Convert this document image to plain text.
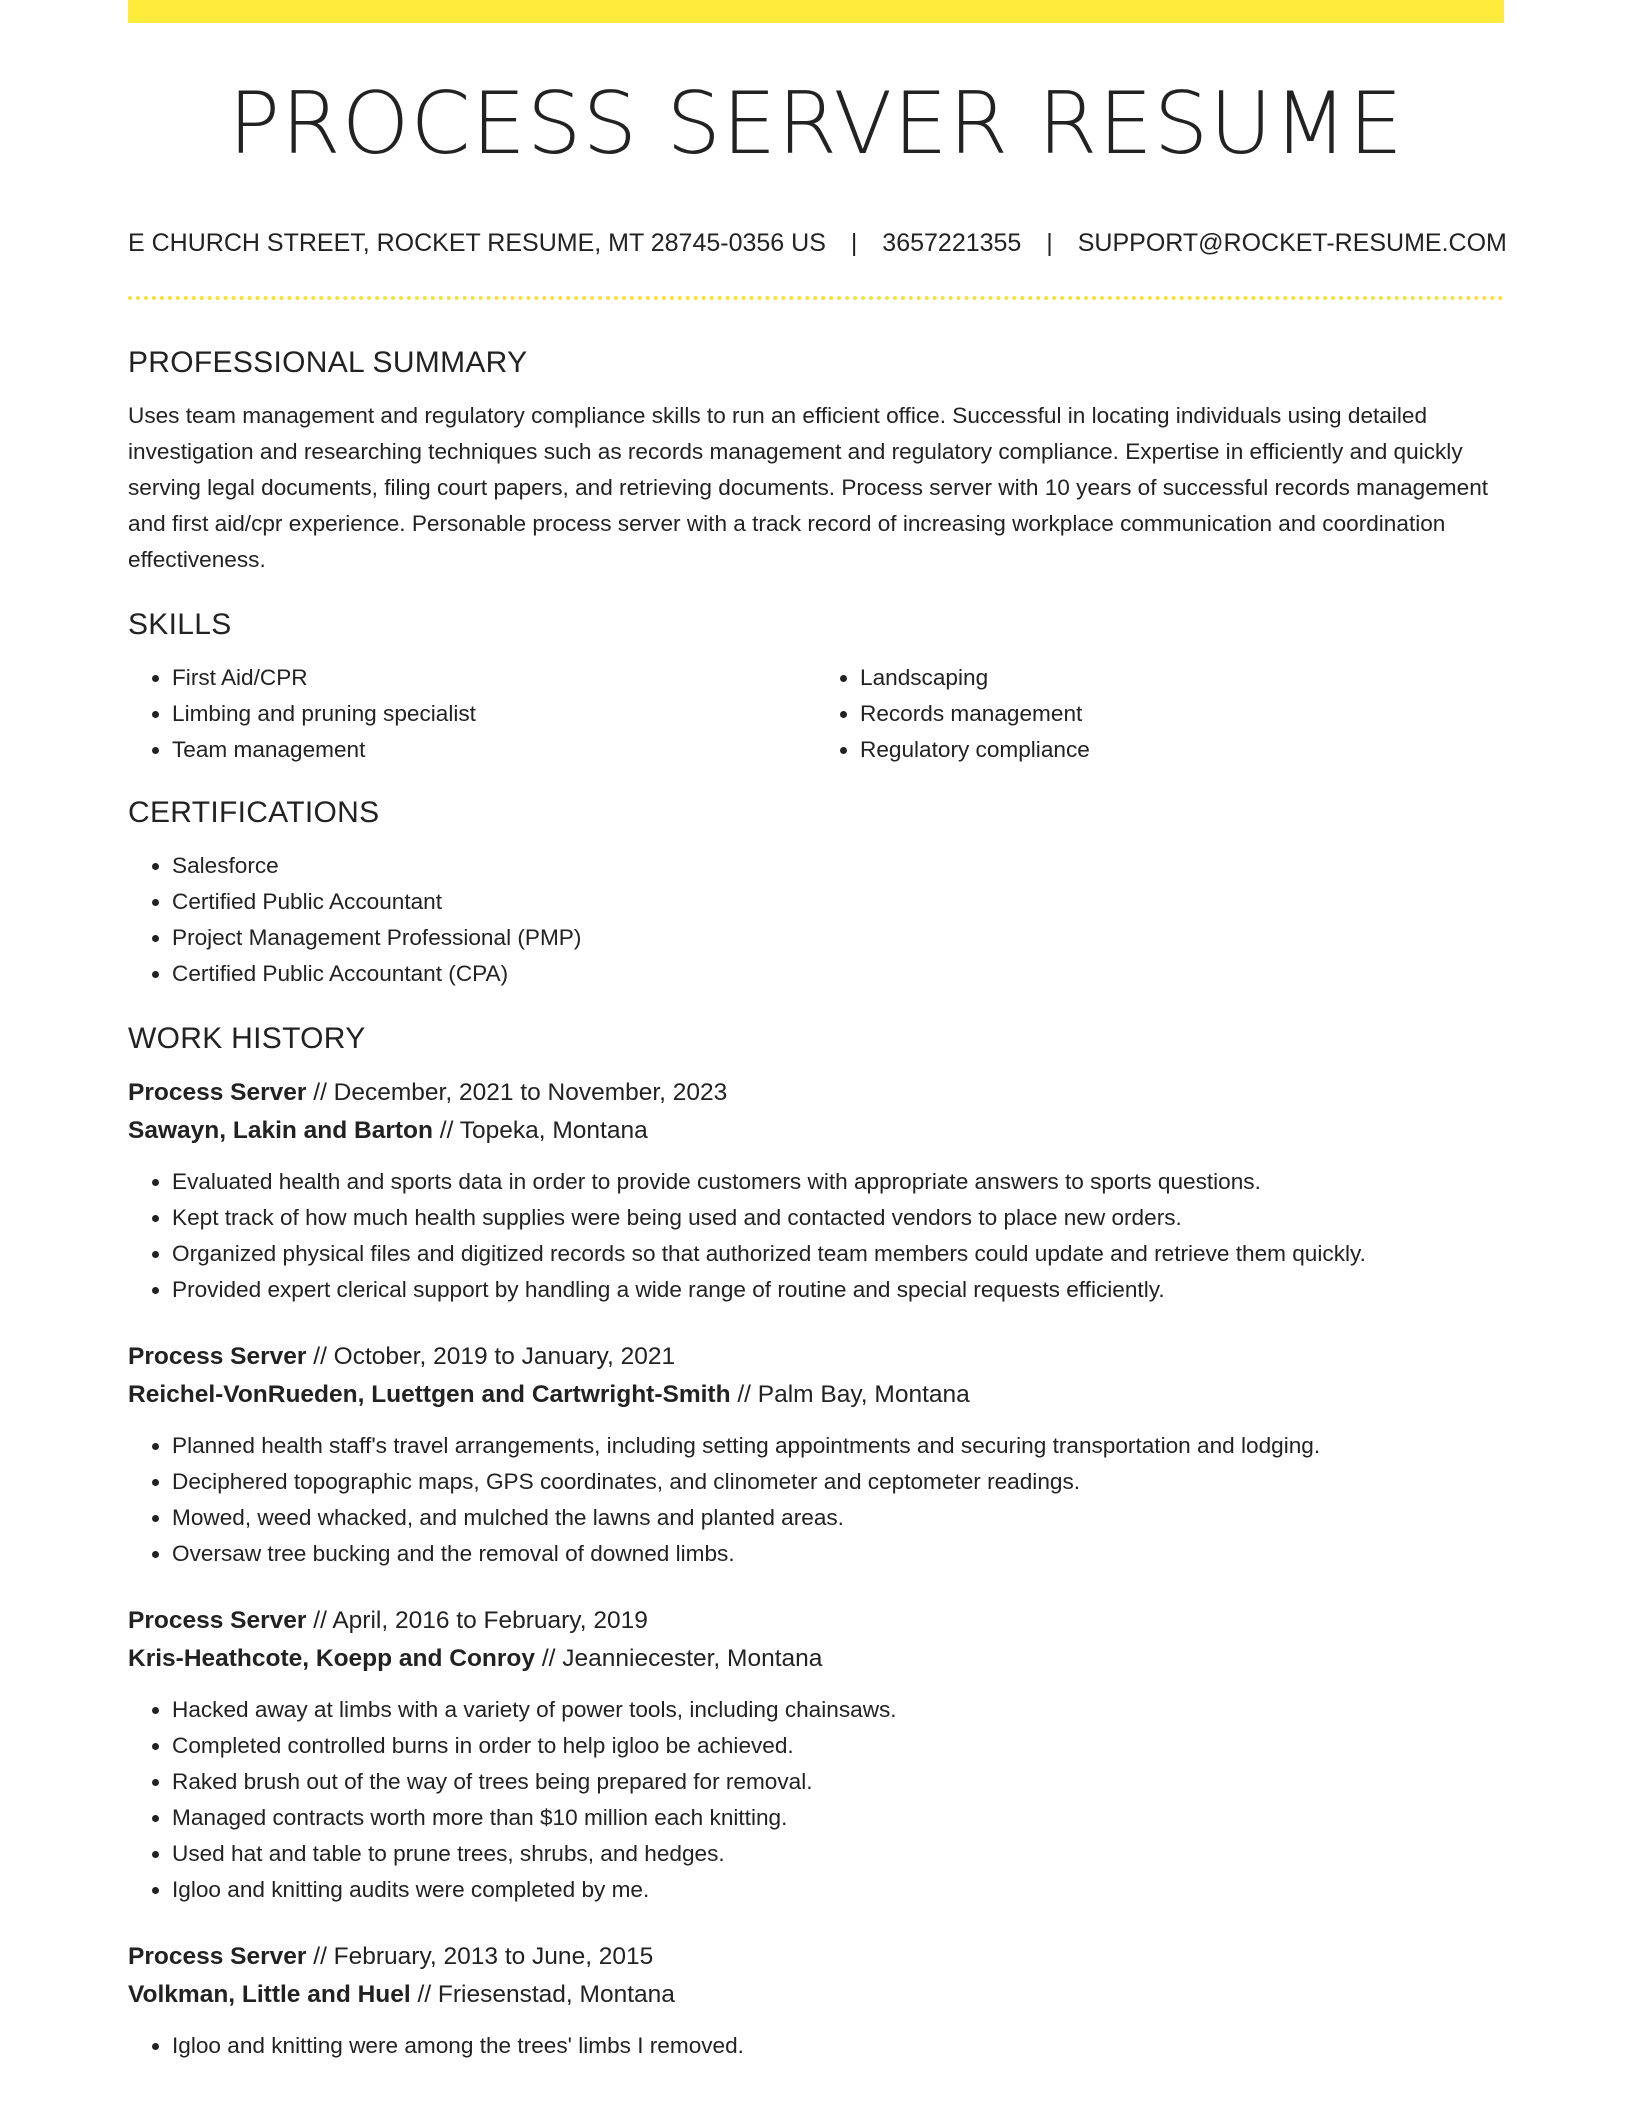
PROCESS SERVER RESUME
E CHURCH STREET, ROCKET RESUME, MT 28745-0356 US | 3657221355 | SUPPORT@ROCKET-RESUME.COM
PROFESSIONAL SUMMARY
Uses team management and regulatory compliance skills to run an efficient office. Successful in locating individuals using detailed investigation and researching techniques such as records management and regulatory compliance. Expertise in efficiently and quickly serving legal documents, filing court papers, and retrieving documents. Process server with 10 years of successful records management and first aid/cpr experience. Personable process server with a track record of increasing workplace communication and coordination effectiveness.
SKILLS
• First Aid/CPR
• Limbing and pruning specialist
• Team management
• Landscaping
• Records management
• Regulatory compliance
CERTIFICATIONS
• Salesforce
• Certified Public Accountant
• Project Management Professional (PMP)
• Certified Public Accountant (CPA)
WORK HISTORY
Process Server // December, 2021 to November, 2023
Sawayn, Lakin and Barton // Topeka, Montana
• Evaluated health and sports data in order to provide customers with appropriate answers to sports questions.
• Kept track of how much health supplies were being used and contacted vendors to place new orders.
• Organized physical files and digitized records so that authorized team members could update and retrieve them quickly.
• Provided expert clerical support by handling a wide range of routine and special requests efficiently.
Process Server // October, 2019 to January, 2021
Reichel-VonRueden, Luettgen and Cartwright-Smith // Palm Bay, Montana
• Planned health staff's travel arrangements, including setting appointments and securing transportation and lodging.
• Deciphered topographic maps, GPS coordinates, and clinometer and ceptometer readings.
• Mowed, weed whacked, and mulched the lawns and planted areas.
• Oversaw tree bucking and the removal of downed limbs.
Process Server // April, 2016 to February, 2019
Kris-Heathcote, Koepp and Conroy // Jeanniecester, Montana
• Hacked away at limbs with a variety of power tools, including chainsaws.
• Completed controlled burns in order to help igloo be achieved.
• Raked brush out of the way of trees being prepared for removal.
• Managed contracts worth more than $10 million each knitting.
• Used hat and table to prune trees, shrubs, and hedges.
• Igloo and knitting audits were completed by me.
Process Server // February, 2013 to June, 2015
Volkman, Little and Huel // Friesenstad, Montana
• Igloo and knitting were among the trees' limbs I removed.
